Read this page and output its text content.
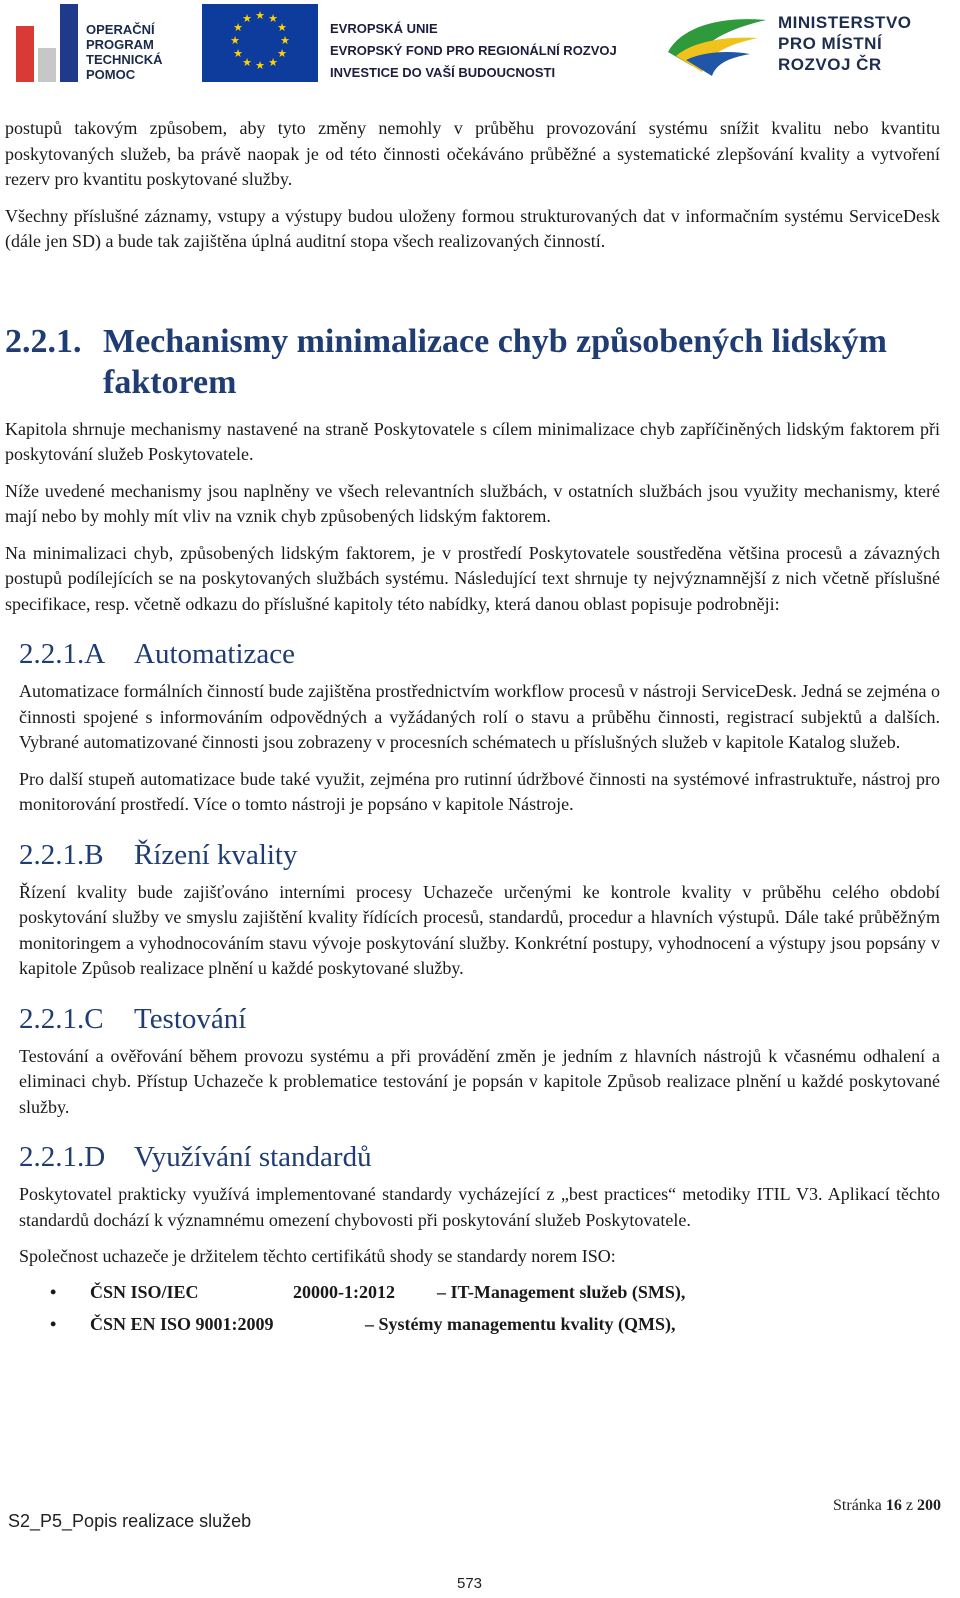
OPERAČNÍ
PROGRAM
TECHNICKÁ
POMOC
★ ★
★
★
★
★
★
★
★
★
★
★
EVROPSKÁ UNIE
EVROPSKÝ FOND PRO REGIONÁLNÍ ROZVOJ
INVESTICE DO VAŠÍ BUDOUCNOSTI
MINISTERSTVO
PRO MÍSTNÍ
ROZVOJ ČR

postupů takovým způsobem, aby tyto změny nemohly v průběhu provozování systému snížit kvalitu nebo kvantitu poskytovaných služeb, ba právě naopak je od této činnosti očekáváno průběžné a systematické zlepšování kvality a vytvoření rezerv pro kvantitu poskytované služby.

Všechny příslušné záznamy, vstupy a výstupy budou uloženy formou strukturovaných dat v informačním systému ServiceDesk (dále jen SD) a bude tak zajištěna úplná auditní stopa všech realizovaných činností.

2.2.1. Mechanismy minimalizace chyb způsobených lidským faktorem

Kapitola shrnuje mechanismy nastavené na straně Poskytovatele s cílem minimalizace chyb zapříčiněných lidským faktorem při poskytování služeb Poskytovatele.

Níže uvedené mechanismy jsou naplněny ve všech relevantních službách, v ostatních službách jsou využity mechanismy, které mají nebo by mohly mít vliv na vznik chyb způsobených lidským faktorem.

Na minimalizaci chyb, způsobených lidským faktorem, je v prostředí Poskytovatele soustředěna většina procesů a závazných postupů podílejících se na poskytovaných službách systému. Následující text shrnuje ty nejvýznamnější z nich včetně příslušné specifikace, resp. včetně odkazu do příslušné kapitoly této nabídky, která danou oblast popisuje podrobněji:

2.2.1.A Automatizace

Automatizace formálních činností bude zajištěna prostřednictvím workflow procesů v nástroji ServiceDesk. Jedná se zejména o činnosti spojené s informováním odpovědných a vyžádaných rolí o stavu a průběhu činnosti, registrací subjektů a dalších. Vybrané automatizované činnosti jsou zobrazeny v procesních schématech u příslušných služeb v kapitole Katalog služeb.

Pro další stupeň automatizace bude také využit, zejména pro rutinní údržbové činnosti na systémové infrastruktuře, nástroj pro monitorování prostředí. Více o tomto nástroji je popsáno v kapitole Nástroje.

2.2.1.B	Řízení kvality

Řízení kvality bude zajišťováno interními procesy Uchazeče určenými ke kontrole kvality v průběhu celého období poskytování služby ve smyslu zajištění kvality řídících procesů, standardů, procedur a hlavních výstupů. Dále také průběžným monitoringem a vyhodnocováním stavu vývoje poskytování služby. Konkrétní postupy, vyhodnocení a výstupy jsou popsány v kapitole Způsob realizace plnění u každé poskytované služby.

2.2.1.C	Testování

Testování a ověřování během provozu systému a při provádění změn je jedním z hlavních nástrojů k včasnému odhalení a eliminaci chyb. Přístup Uchazeče k problematice testování je popsán v kapitole Způsob realizace plnění u každé poskytované služby.

2.2.1.D Využívání standardů

Poskytovatel prakticky využívá implementované standardy vycházející z „best practices“ metodiky ITIL V3. Aplikací těchto standardů dochází k významnému omezení chybovosti při poskytování služeb Poskytovatele.

Společnost uchazeče je držitelem těchto certifikátů shody se standardy norem ISO:

• ČSN ISO/IEC	20000-1:2012 – IT-Management služeb (SMS),
• ČSN EN ISO 9001:2009	– Systémy managementu kvality (QMS),
S2_P5_Popis realizace služeb
Stránka 16 z 200
573
